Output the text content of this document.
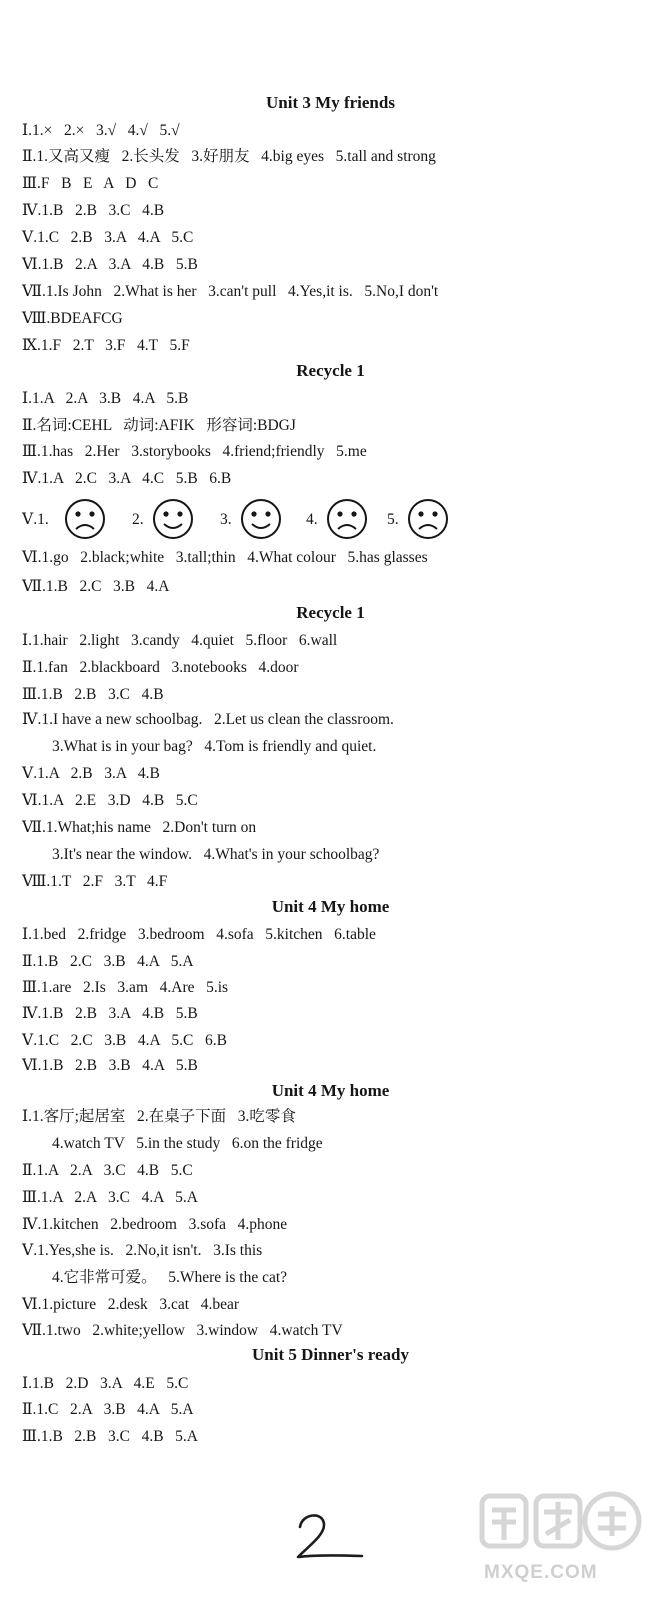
Unit 3 My friends
Ⅰ.1.×   2.×   3.√   4.√   5.√
Ⅱ.1.又高又瘦   2.长头发   3.好朋友   4.big eyes   5.tall and strong
Ⅲ.F   B   E   A   D   C
Ⅳ.1.B   2.B   3.C   4.B
Ⅴ.1.C   2.B   3.A   4.A   5.C
Ⅵ.1.B   2.A   3.A   4.B   5.B
Ⅶ.1.Is John   2.What is her   3.can't pull   4.Yes,it is.   5.No,I don't
Ⅷ.BDEAFCG
Ⅸ.1.F   2.T   3.F   4.T   5.F
Recycle 1
Ⅰ.1.A   2.A   3.B   4.A   5.B
Ⅱ.名词:CEHL   动词:AFIK   形容词:BDGJ
Ⅲ.1.has   2.Her   3.storybooks   4.friend;friendly   5.me
Ⅳ.1.A   2.C   3.A   4.C   5.B   6.B
Ⅴ.1.	2.	3.	4.	5.
Ⅵ.1.go   2.black;white   3.tall;thin   4.What colour   5.has glasses
Ⅶ.1.B   2.C   3.B   4.A
Recycle 1
Ⅰ.1.hair   2.light   3.candy   4.quiet   5.floor   6.wall
Ⅱ.1.fan   2.blackboard   3.notebooks   4.door
Ⅲ.1.B   2.B   3.C   4.B
Ⅳ.1.I have a new schoolbag.   2.Let us clean the classroom.
3.What is in your bag?   4.Tom is friendly and quiet.
Ⅴ.1.A   2.B   3.A   4.B
Ⅵ.1.A   2.E   3.D   4.B   5.C
Ⅶ.1.What;his name   2.Don't turn on
3.It's near the window.   4.What's in your schoolbag?
Ⅷ.1.T   2.F   3.T   4.F
Unit 4 My home
Ⅰ.1.bed   2.fridge   3.bedroom   4.sofa   5.kitchen   6.table
Ⅱ.1.B   2.C   3.B   4.A   5.A
Ⅲ.1.are   2.Is   3.am   4.Are   5.is
Ⅳ.1.B   2.B   3.A   4.B   5.B
Ⅴ.1.C   2.C   3.B   4.A   5.C   6.B
Ⅵ.1.B   2.B   3.B   4.A   5.B
Unit 4 My home
Ⅰ.1.客厅;起居室   2.在桌子下面   3.吃零食
4.watch TV   5.in the study   6.on the fridge
Ⅱ.1.A   2.A   3.C   4.B   5.C
Ⅲ.1.A   2.A   3.C   4.A   5.A
Ⅳ.1.kitchen   2.bedroom   3.sofa   4.phone
Ⅴ.1.Yes,she is.   2.No,it isn't.   3.Is this
4.它非常可爱。   5.Where is the cat?
Ⅵ.1.picture   2.desk   3.cat   4.bear
Ⅶ.1.two   2.white;yellow   3.window   4.watch TV
Unit 5 Dinner's ready
Ⅰ.1.B   2.D   3.A   4.E   5.C
Ⅱ.1.C   2.A   3.B   4.A   5.A
Ⅲ.1.B   2.B   3.C   4.B   5.A
MXQE.COM
